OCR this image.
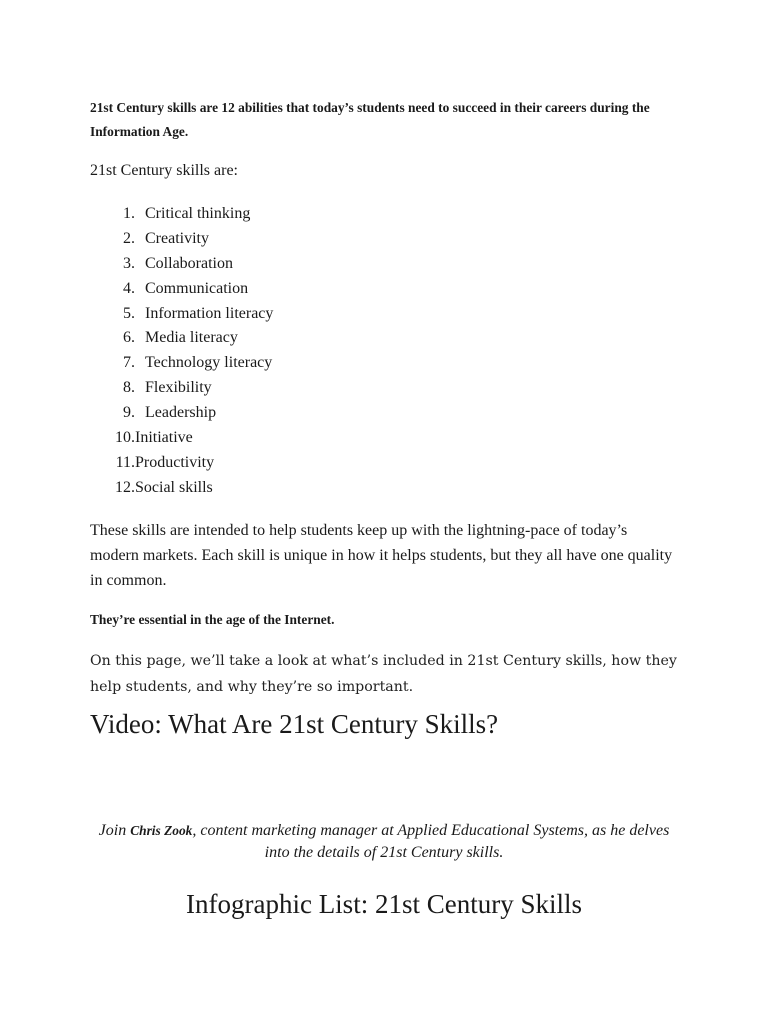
21st Century skills are 12 abilities that today’s students need to succeed in their careers during the Information Age.

21st Century skills are:

1. Critical thinking
2. Creativity
3. Collaboration
4. Communication
5. Information literacy
6. Media literacy
7. Technology literacy
8. Flexibility
9. Leadership
10.Initiative
11.Productivity
12.Social skills

These skills are intended to help students keep up with the lightning-pace of today’s modern markets. Each skill is unique in how it helps students, but they all have one quality in common.

They’re essential in the age of the Internet.

On this page, we’ll take a look at what’s included in 21st Century skills, how they help students, and why they’re so important.

Video: What Are 21st Century Skills?

Join Chris Zook, content marketing manager at Applied Educational Systems, as he delves into the details of 21st Century skills.

Infographic List: 21st Century Skills
